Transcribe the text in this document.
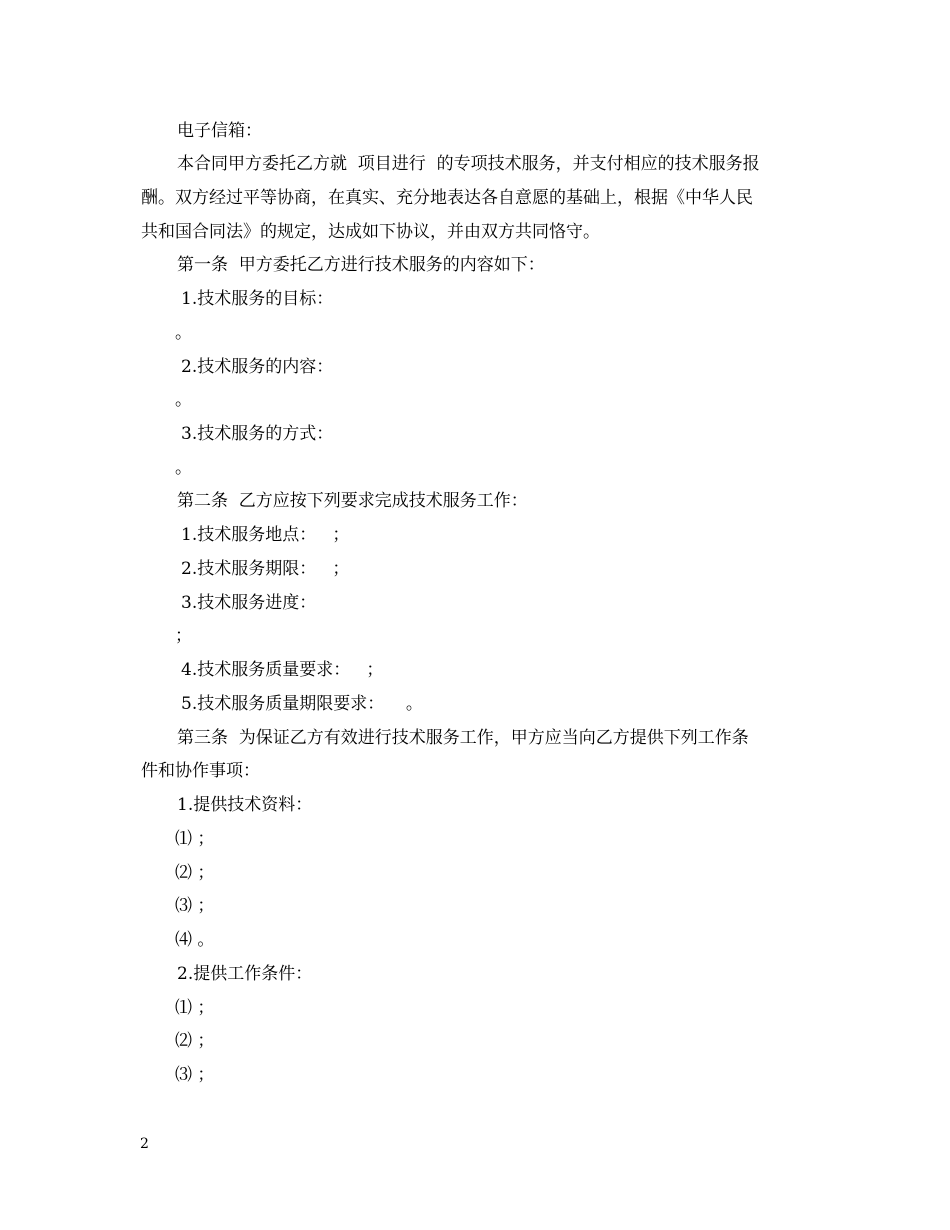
电子信箱：
本合同甲方委托乙方就  项目进行  的专项技术服务，并支付相应的技术服务报
酬。双方经过平等协商，在真实、充分地表达各自意愿的基础上，根据《中华人民
共和国合同法》的规定，达成如下协议，并由双方共同恪守。
第一条  甲方委托乙方进行技术服务的内容如下：
1.技术服务的目标：
。
2.技术服务的内容：
。
3.技术服务的方式：
。
第二条  乙方应按下列要求完成技术服务工作：
1.技术服务地点：   ；
2.技术服务期限：   ；
3.技术服务进度：
；
4.技术服务质量要求：   ；
5.技术服务质量期限要求：    。
第三条  为保证乙方有效进行技术服务工作，甲方应当向乙方提供下列工作条
件和协作事项：
1.提供技术资料：
⑴ ；
⑵ ；
⑶ ；
⑷ 。
2.提供工作条件：
⑴ ；
⑵ ；
⑶ ；
2
